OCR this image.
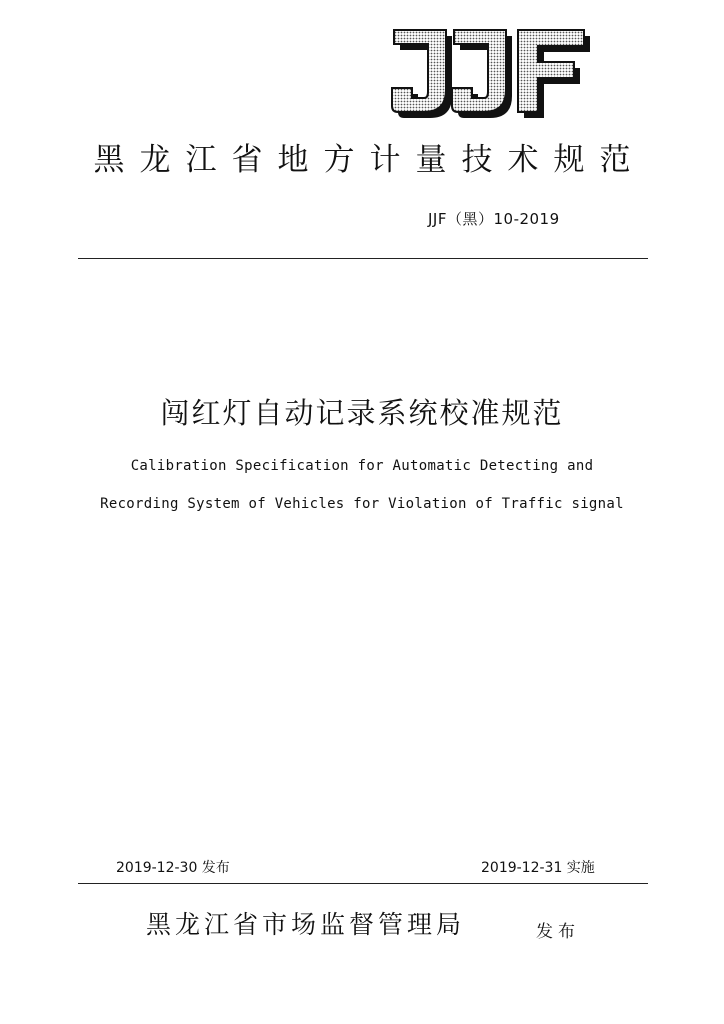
黑龙江省地方计量技术规范
JJF（黑）10-2019
闯红灯自动记录系统校准规范
Calibration Specification for Automatic Detecting and
Recording System of Vehicles for Violation of Traffic signal
2019-12-30 发布	2019-12-31 实施
黑龙江省市场监督管理局	发布
